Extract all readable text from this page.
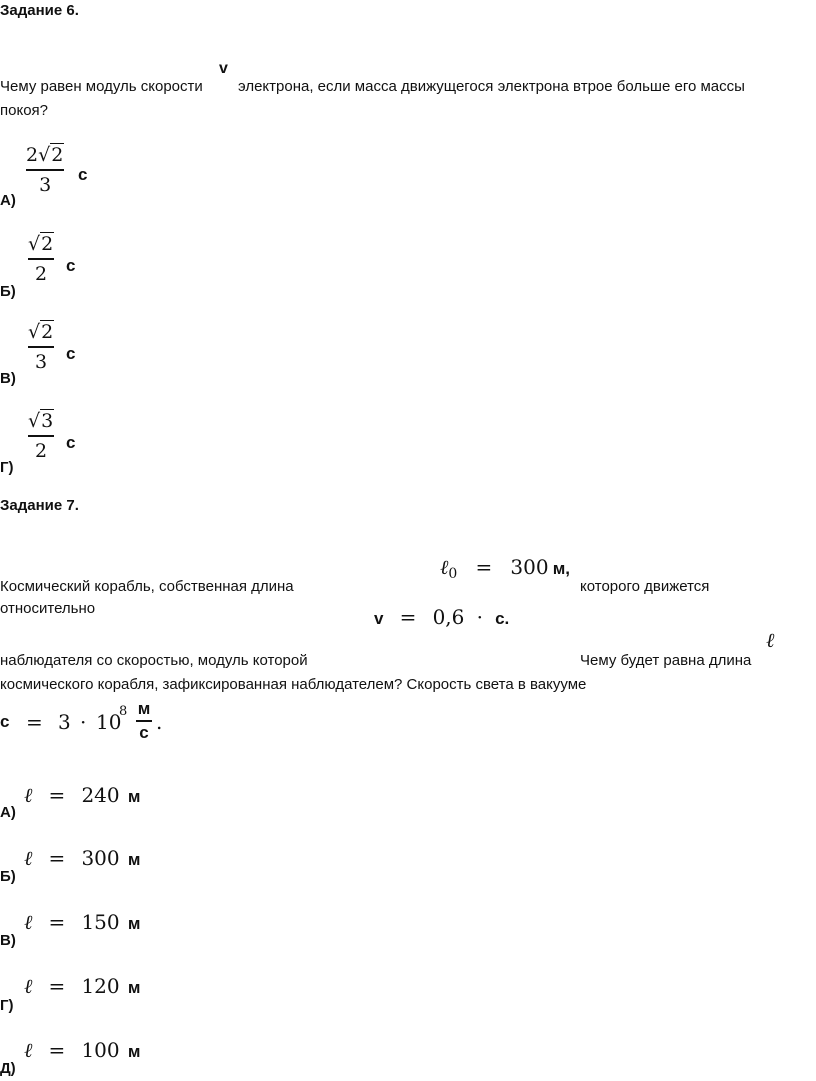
Задание 6.
Чему равен модуль скорости
v
электрона, если масса движущегося электрона втрое больше его массы
покоя?
А)
2√2
3	с
Б)
√2
2	с
В)
√2
3	с
Г)
√3
2	с
Задание 7.
Космический корабль, собственная длина
ℓ0 = 300 м,
которого движется
относительно
v = 0,6 · с.
наблюдателя со скоростью, модуль которой	Чему будет равна длина
ℓ
космического корабля, зафиксированная наблюдателем? Скорость света в вакууме
с = 3 · 10
8 м
с .
А)
ℓ = 240 м
Б)
ℓ = 300 м
В)
ℓ = 150 м
Г)
ℓ = 120 м
Д)
ℓ = 100 м
